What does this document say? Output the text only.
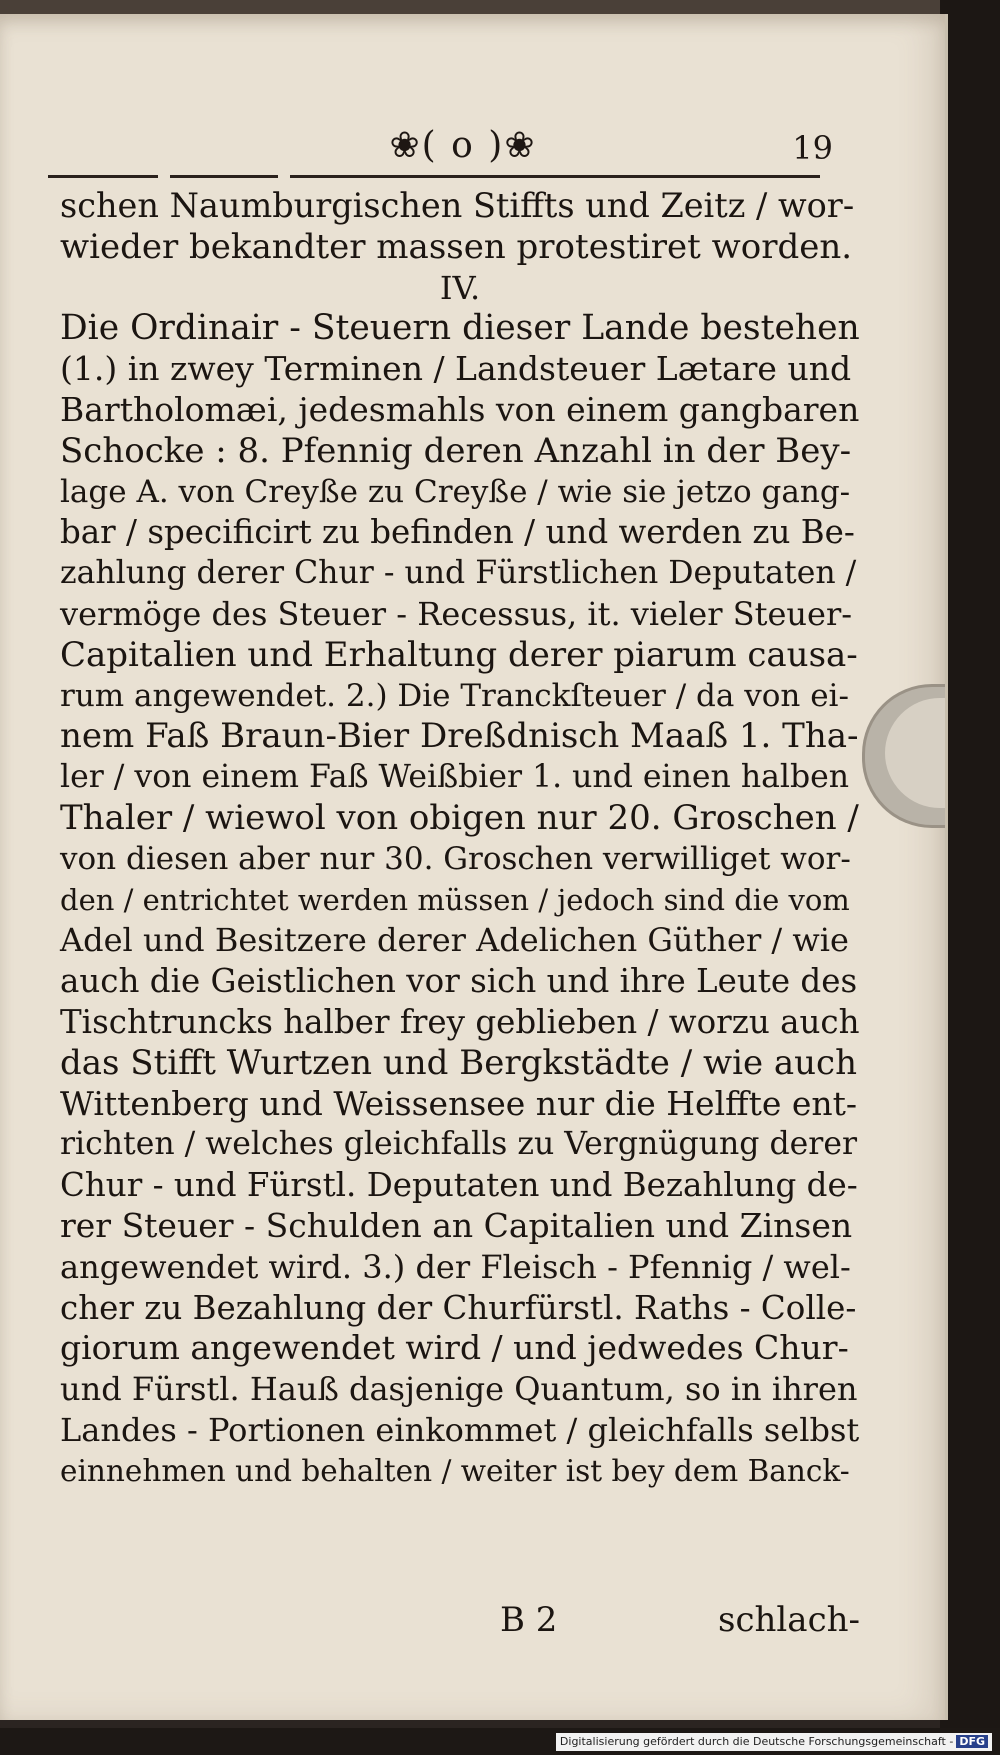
❀( o )❀	19
schen Naumburgischen Stiffts und Zeitz / wor-
wieder bekandter massen protestiret worden.
IV.
Die Ordinair - Steuern dieser Lande bestehen
(1.) in zwey Terminen / Landsteuer Lætare und
Bartholomæi, jedesmahls von einem gangbaren
Schocke : 8. Pfennig deren Anzahl in der Bey-
lage A. von Creyße zu Creyße / wie sie jetzo gang-
bar / specificirt zu befinden / und werden zu Be-
zahlung derer Chur - und Fürstlichen Deputaten /
vermöge des Steuer - Recessus, it. vieler Steuer-
Capitalien und Erhaltung derer piarum causa-
rum angewendet. 2.) Die Tranckſteuer / da von ei-
nem Faß Braun-Bier Dreßdnisch Maaß 1. Tha-
ler / von einem Faß Weißbier 1. und einen halben
Thaler / wiewol von obigen nur 20. Groschen /
von diesen aber nur 30. Groschen verwilliget wor-
den / entrichtet werden müssen / jedoch sind die vom
Adel und Besitzere derer Adelichen Güther / wie
auch die Geistlichen vor sich und ihre Leute des
Tischtruncks halber frey geblieben / worzu auch
das Stifft Wurtzen und Bergkstädte / wie auch
Wittenberg und Weissensee nur die Helffte ent-
richten / welches gleichfalls zu Vergnügung derer
Chur - und Fürstl. Deputaten und Bezahlung de-
rer Steuer - Schulden an Capitalien und Zinsen
angewendet wird. 3.) der Fleisch - Pfennig / wel-
cher zu Bezahlung der Churfürstl. Raths - Colle-
giorum angewendet wird / und jedwedes Chur-
und Fürstl. Hauß dasjenige Quantum, so in ihren
Landes - Portionen einkommet / gleichfalls selbst
einnehmen und behalten / weiter ist bey dem Banck-
B 2	schlach-
Digitalisierung gefördert durch die Deutsche Forschungsgemeinschaft - DFG
